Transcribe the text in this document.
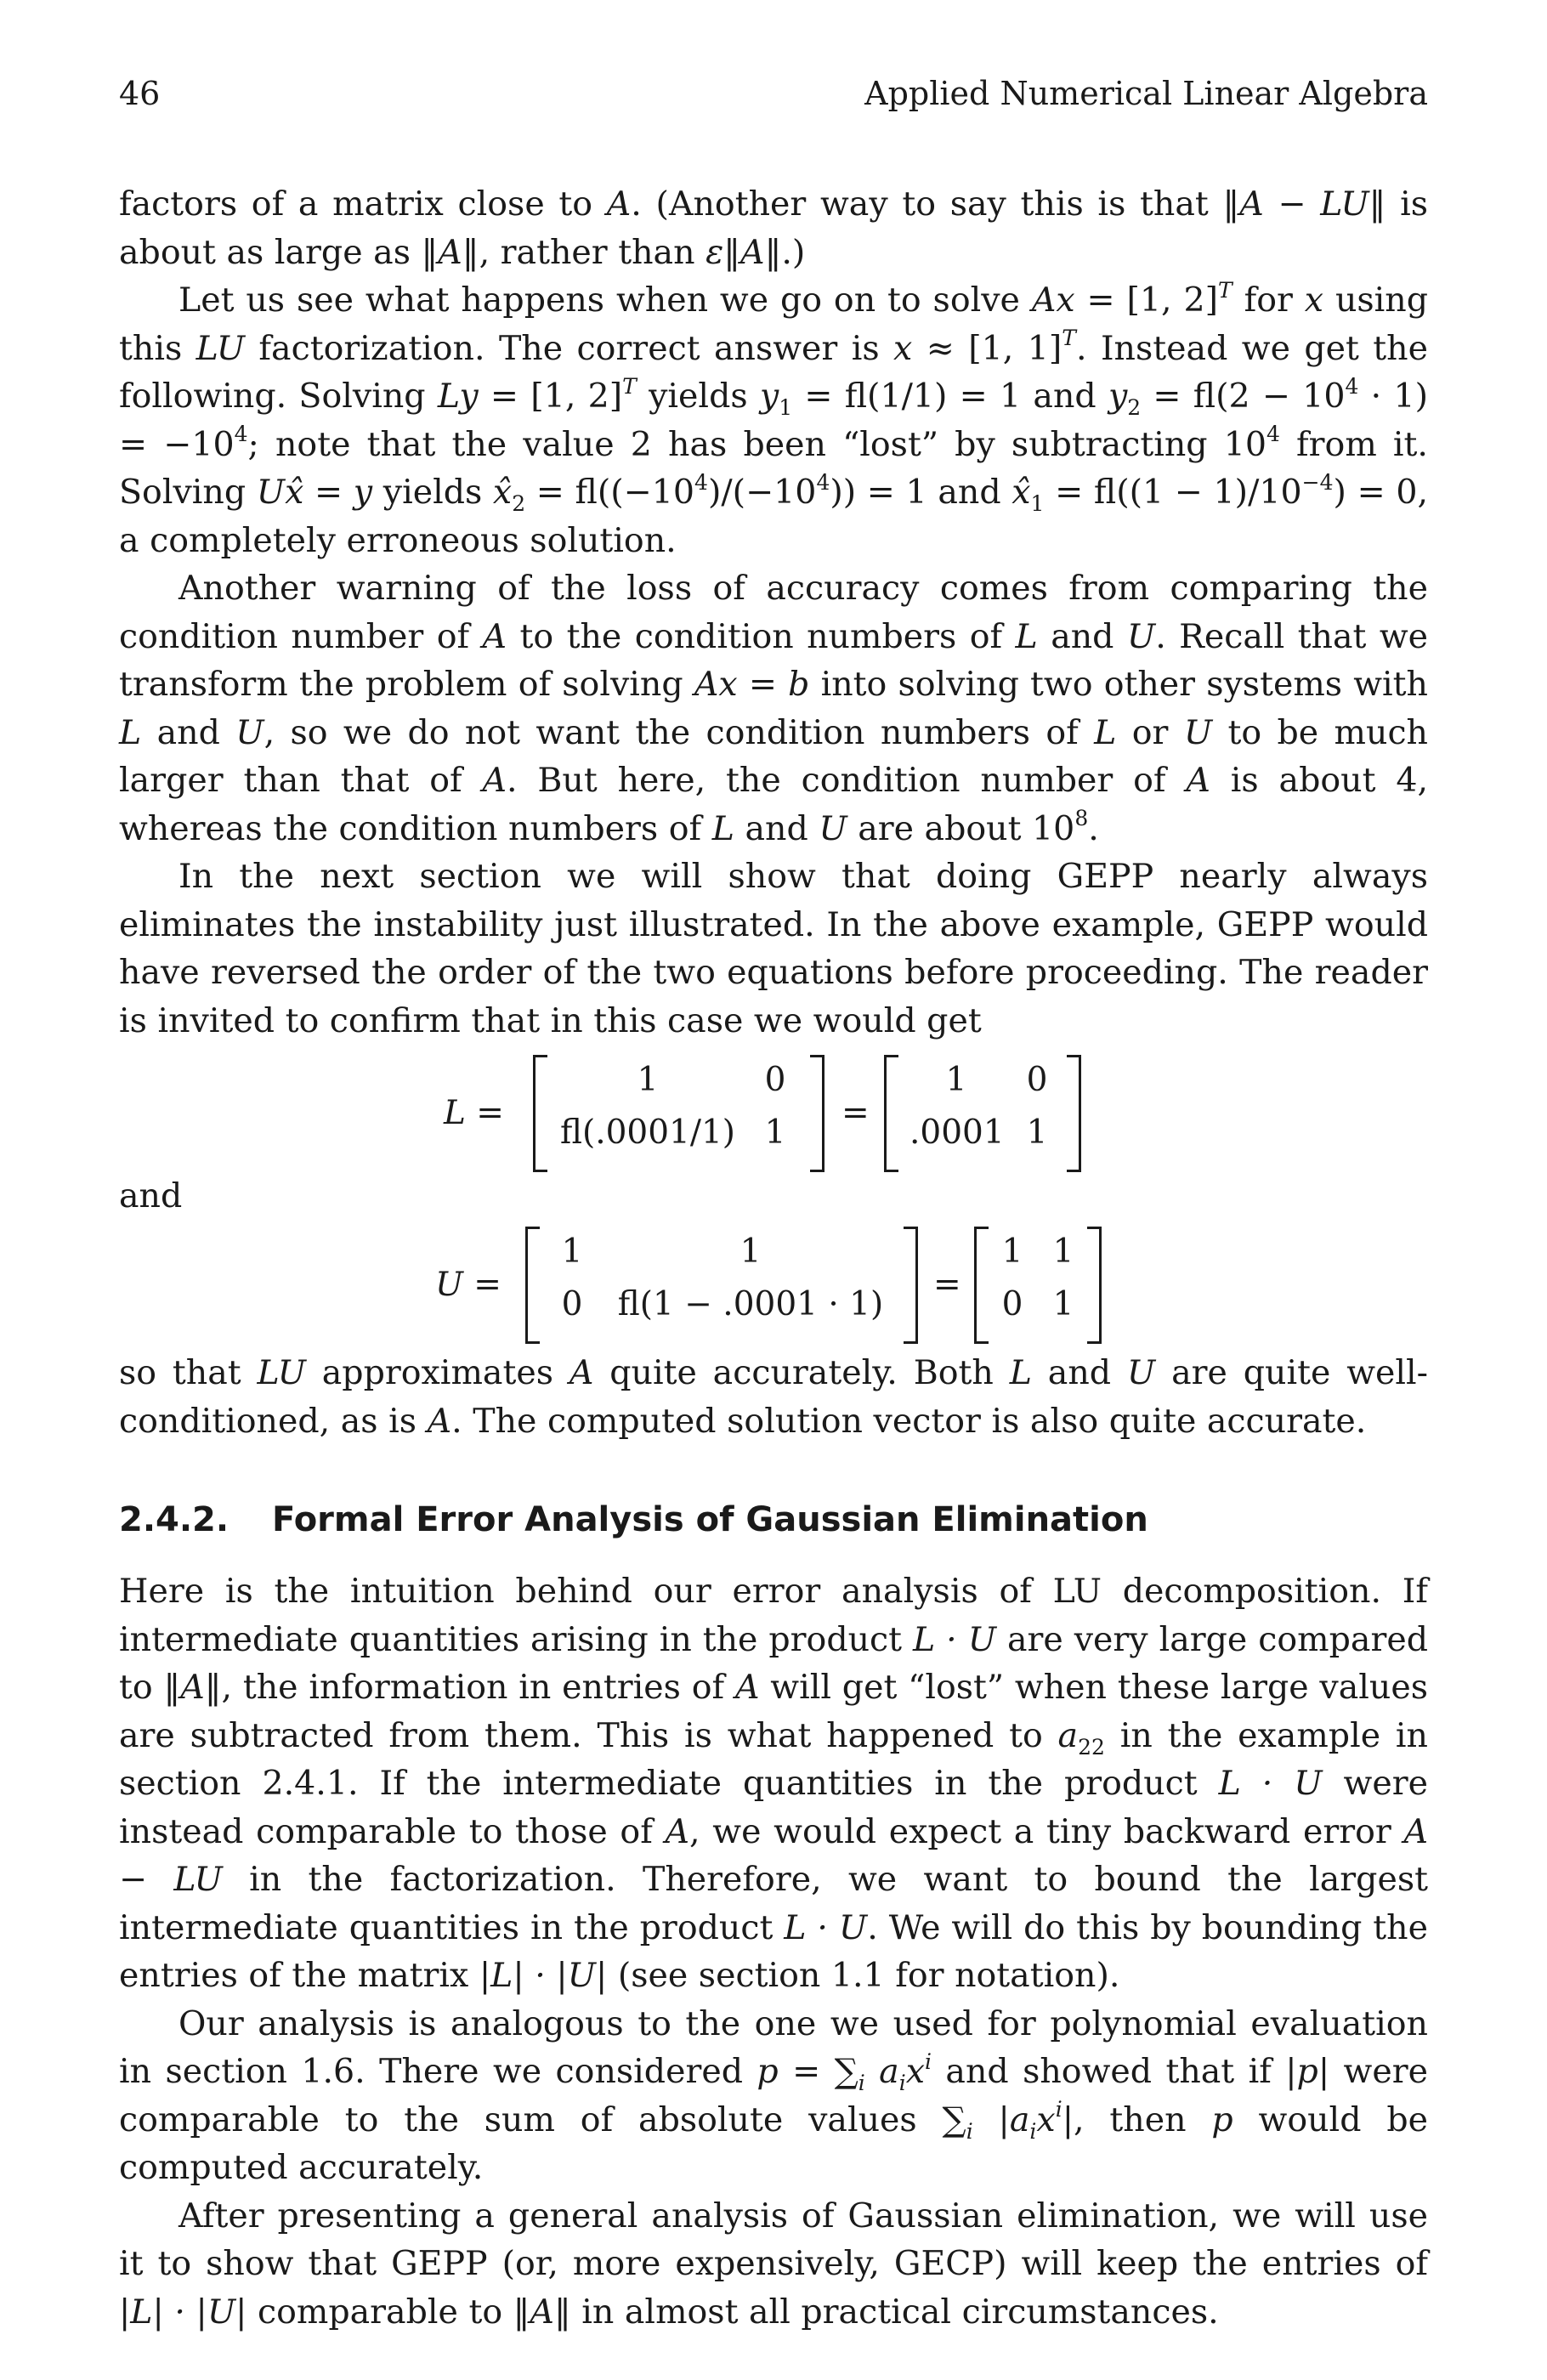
46	Applied Numerical Linear Algebra

factors of a matrix close to A. (Another way to say this is that ‖A − LU‖ is about as large as ‖A‖, rather than ε‖A‖.)

Let us see what happens when we go on to solve Ax = [1, 2]$^T$ for x using this LU factorization. The correct answer is x ≈ [1, 1]$^T$. Instead we get the following. Solving Ly = [1, 2]$^T$ yields $y_1 = fl(1/1) = 1$ and $y_2 = fl(2 - 10^4 \cdot 1) = -10^4$; note that the value 2 has been “lost” by subtracting $10^4$ from it. Solving Ux̂ = y yields $x̂_2 = fl((-10^4)/(-10^4)) = 1$ and $x̂_1 = fl((1 - 1)/10^{-4}) = 0$, a completely erroneous solution.

Another warning of the loss of accuracy comes from comparing the condition number of A to the condition numbers of L and U. Recall that we transform the problem of solving Ax = b into solving two other systems with L and U, so we do not want the condition numbers of L or U to be much larger than that of A. But here, the condition number of A is about 4, whereas the condition numbers of L and U are about $10^8$.

In the next section we will show that doing GEPP nearly always eliminates the instability just illustrated. In the above example, GEPP would have reversed the order of the two equations before proceeding. The reader is invited to confirm that in this case we would get

L =
1	0
fl(.0001/1) 1
=
1	0
.0001 1
and
U =
1	1
0	fl(1 − .0001 · 1)
=
1 1
0 1

so that LU approximates A quite accurately. Both L and U are quite well-conditioned, as is A. The computed solution vector is also quite accurate.

2.4.2.	Formal Error Analysis of Gaussian Elimination

Here is the intuition behind our error analysis of LU decomposition. If intermediate quantities arising in the product L · U are very large compared to ‖A‖, the information in entries of A will get “lost” when these large values are subtracted from them. This is what happened to $a_{22}$ in the example in section 2.4.1. If the intermediate quantities in the product L · U were instead comparable to those of A, we would expect a tiny backward error A − LU in the factorization. Therefore, we want to bound the largest intermediate quantities in the product L · U. We will do this by bounding the entries of the matrix |L| · |U| (see section 1.1 for notation).

Our analysis is analogous to the one we used for polynomial evaluation in section 1.6. There we considered $p = \sum_i$ $a_ix^i$ and showed that if |p| were comparable to the sum of absolute values $\sum_i$ $|a_ix^i|$, then p would be computed accurately.

After presenting a general analysis of Gaussian elimination, we will use it to show that GEPP (or, more expensively, GECP) will keep the entries of |L| · |U| comparable to ‖A‖ in almost all practical circumstances.
